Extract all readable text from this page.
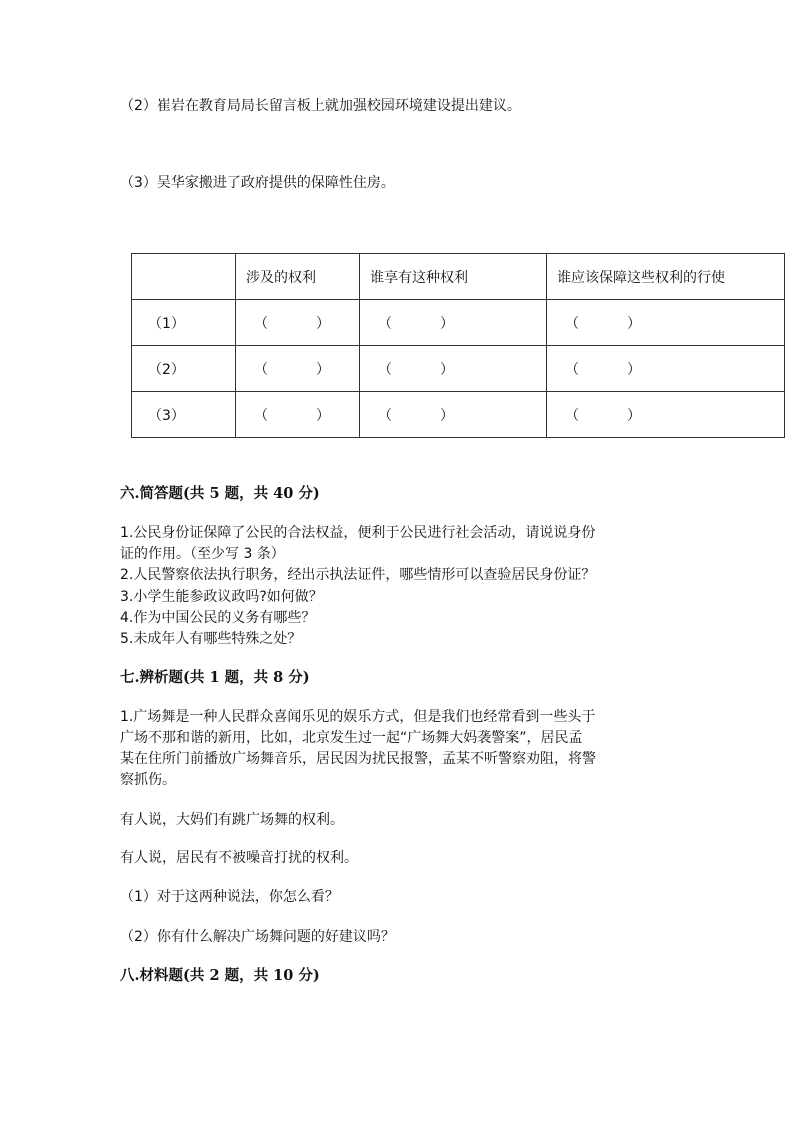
（2）崔岩在教育局局长留言板上就加强校园环境建设提出建议。
（3）吴华家搬进了政府提供的保障性住房。
	涉及的权利	谁享有这种权利	谁应该保障这些权利的行使
（1）	（ ）	（ ）	（ ）
（2）	（ ）	（ ）	（ ）
（3）	（ ）	（ ）	（ ）
六.简答题(共 5 题，共 40 分)
1.公民身份证保障了公民的合法权益，便利于公民进行社会活动，请说说身份
证的作用。（至少写 3 条）
2.人民警察依法执行职务，经出示执法证件，哪些情形可以查验居民身份证？
3.小学生能参政议政吗?如何做？
4.作为中国公民的义务有哪些？
5.未成年人有哪些特殊之处？
七.辨析题(共 1 题，共 8 分)
1.广场舞是一种人民群众喜闻乐见的娱乐方式，但是我们也经常看到一些头于
广场不那和谐的新用，比如，北京发生过一起“广场舞大妈袭警案”，居民孟
某在住所门前播放广场舞音乐，居民因为扰民报警，孟某不听警察劝阻，将警
察抓伤。
有人说，大妈们有跳广场舞的权利。
有人说，居民有不被噪音打扰的权利。
（1）对于这两种说法，你怎么看？
（2）你有什么解决广场舞问题的好建议吗？
八.材料题(共 2 题，共 10 分)
